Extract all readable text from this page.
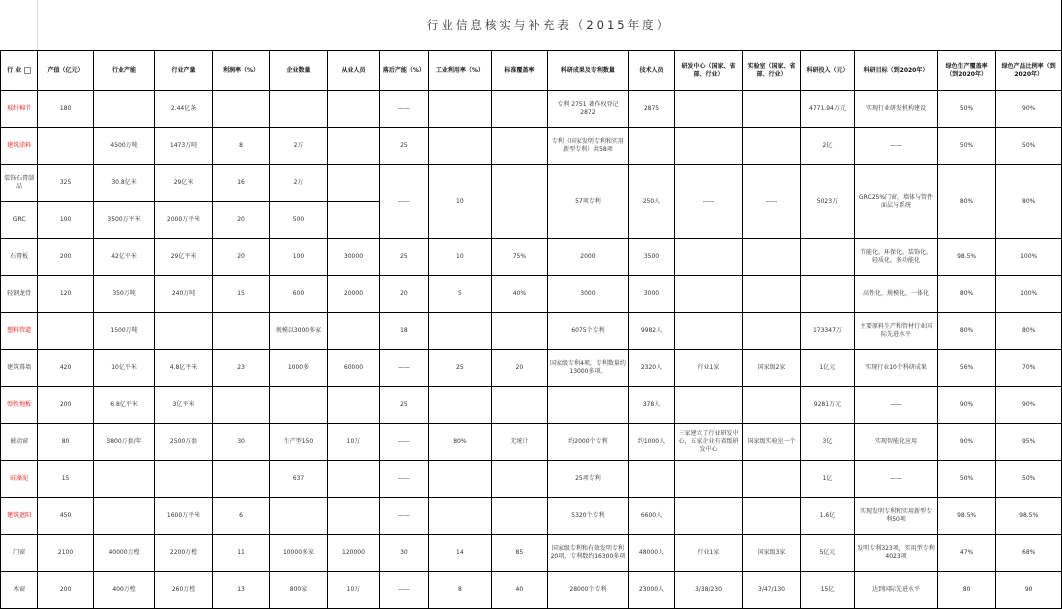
行业信息核实与补充表（2015年度）
行 业	产值（亿元）	行业产能	行业产量	利润率（%）	企业数量	从业人员	落后产能（%）	工业利用率（%）	标准覆盖率	科研成果及专利数量	技术人员	研发中心（国家、省部、行业）	实验室（国家、省部、行业）	科研投入（元）	科研目标（到2020年）	绿色生产覆盖率（到2020年）	绿色产品比例率（到2020年）
玻纤棉节	180		2.44亿条				——			专利 2751 著作权登记 2872	2875			4771.94万元	实现行业研发机构建设	50%	90%
建筑涂料		4500万吨	1473万吨	8	2万		25			专利（国家发明专利和实用新型专利）共58项				2亿	——	50%	50%
装饰石膏制品	325	30.8亿米	29亿米	16	2万		——	10		57项专利	250人	——	——	5023万	GRC25%门窗，墙体与管件面层与系统	80%	80%
GRC	100	3500万平米	2000万平米	20	500												
石膏板	200	42亿平米	29亿平米	20	100	30000	25	10	75%	2000	3500				节能化，环保化，装饰化，轻质化，多功能化	98.5%	100%
轻钢龙骨	120	350万吨	240万吨	15	600	20000	20	5	40%	3000	3000				高性化，规模化，一体化	80%	100%
塑料管道		1500万吨			规模以3000多家		18			6075个专利	9982人			173347万	主要原料生产和管材行业国际先进水平	80%	80%
建筑幕墙	420	10亿平米	4.8亿平米	23	1000多	60000	——	25	20	国家级专利4项，专利数量约13000多项。	2320人	行业1家	国家级2家	1亿元	实现行业10个科研成果	56%	70%
弹性地板	200	6.8亿平米	3亿平米				25				378人			9281万元	——	90%	90%
被动窗	80	3800万套/年	2500万套	30	生产型150	10万	——	80%	无统计	约2000个专利	约1000人	三家建立了行业研发中心，五家企业有省级研发中心	国家级实验室一个	3亿	实现智能化应用	90%	95%
硅藻泥	15				637		——			25项专利				1亿	——	50%	50%
建筑遮阳	450		1600万平米	6			——			5320个专利	6600人			1.6亿	实现发明专利和实用新型专利50项	98.5%	98.5%
门窗	2100	40000万樘	2200万樘	11	10000多家	120000	30	14	85	国家级专利和有效发明专利20项，专利数约16300多项	48000人	行业1家	国家级3家	5亿元	发明专利323项，实用型专利4023项	47%	68%
木窗	200	400万樘	260万樘	13	800家	10万	——	8	40	28000个专利	23000人	3/38/230	3/47/130	15亿	达到国际先进水平	80	90
